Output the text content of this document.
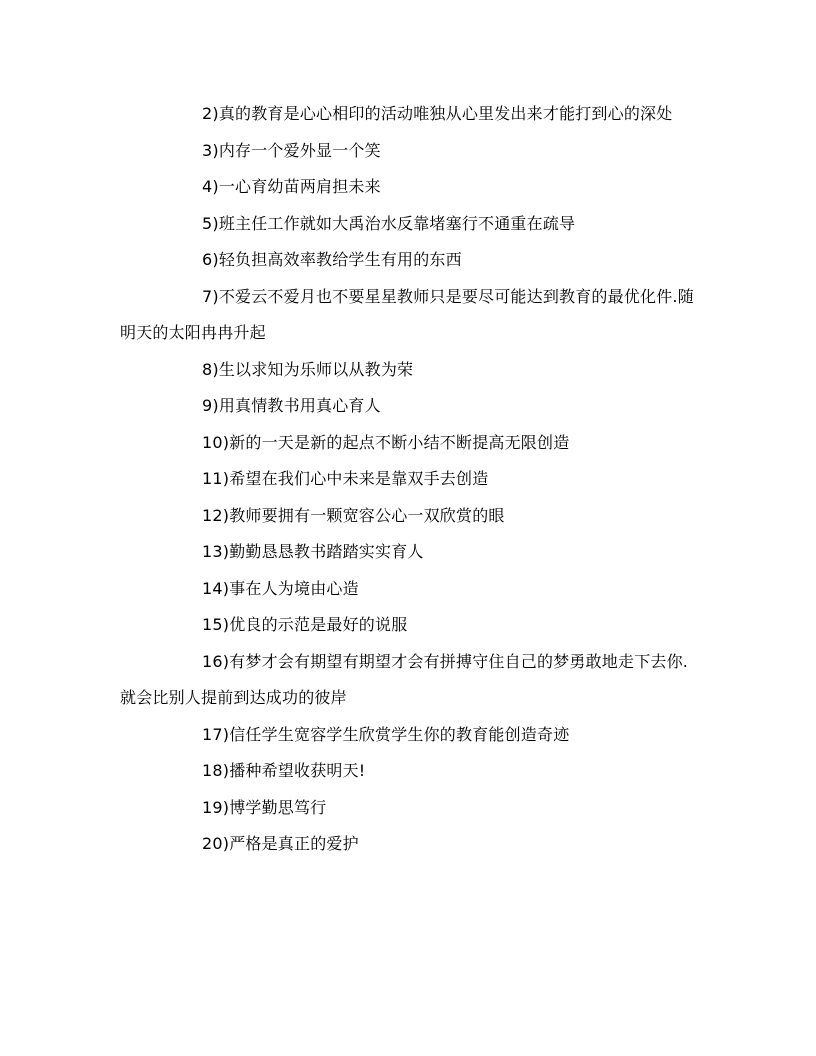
2)真的教育是心心相印的活动唯独从心里发出来才能打到心的深处

3)内存一个爱外显一个笑

4)一心育幼苗两肩担未来

5)班主任工作就如大禹治水反靠堵塞行不通重在疏导

6)轻负担高效率教给学生有用的东西

7)不爱云不爱月也不要星星教师只是要尽可能达到教育的最优化件.随明天的太阳冉冉升起

8)生以求知为乐师以从教为荣

9)用真情教书用真心育人

10)新的一天是新的起点不断小结不断提高无限创造

11)希望在我们心中未来是靠双手去创造

12)教师要拥有一颗宽容公心一双欣赏的眼

13)勤勤恳恳教书踏踏实实育人

14)事在人为境由心造

15)优良的示范是最好的说服

16)有梦才会有期望有期望才会有拼搏守住自己的梦勇敢地走下去你.就会比别人提前到达成功的彼岸

17)信任学生宽容学生欣赏学生你的教育能创造奇迹

18)播种希望收获明天!

19)博学勤思笃行

20)严格是真正的爱护
